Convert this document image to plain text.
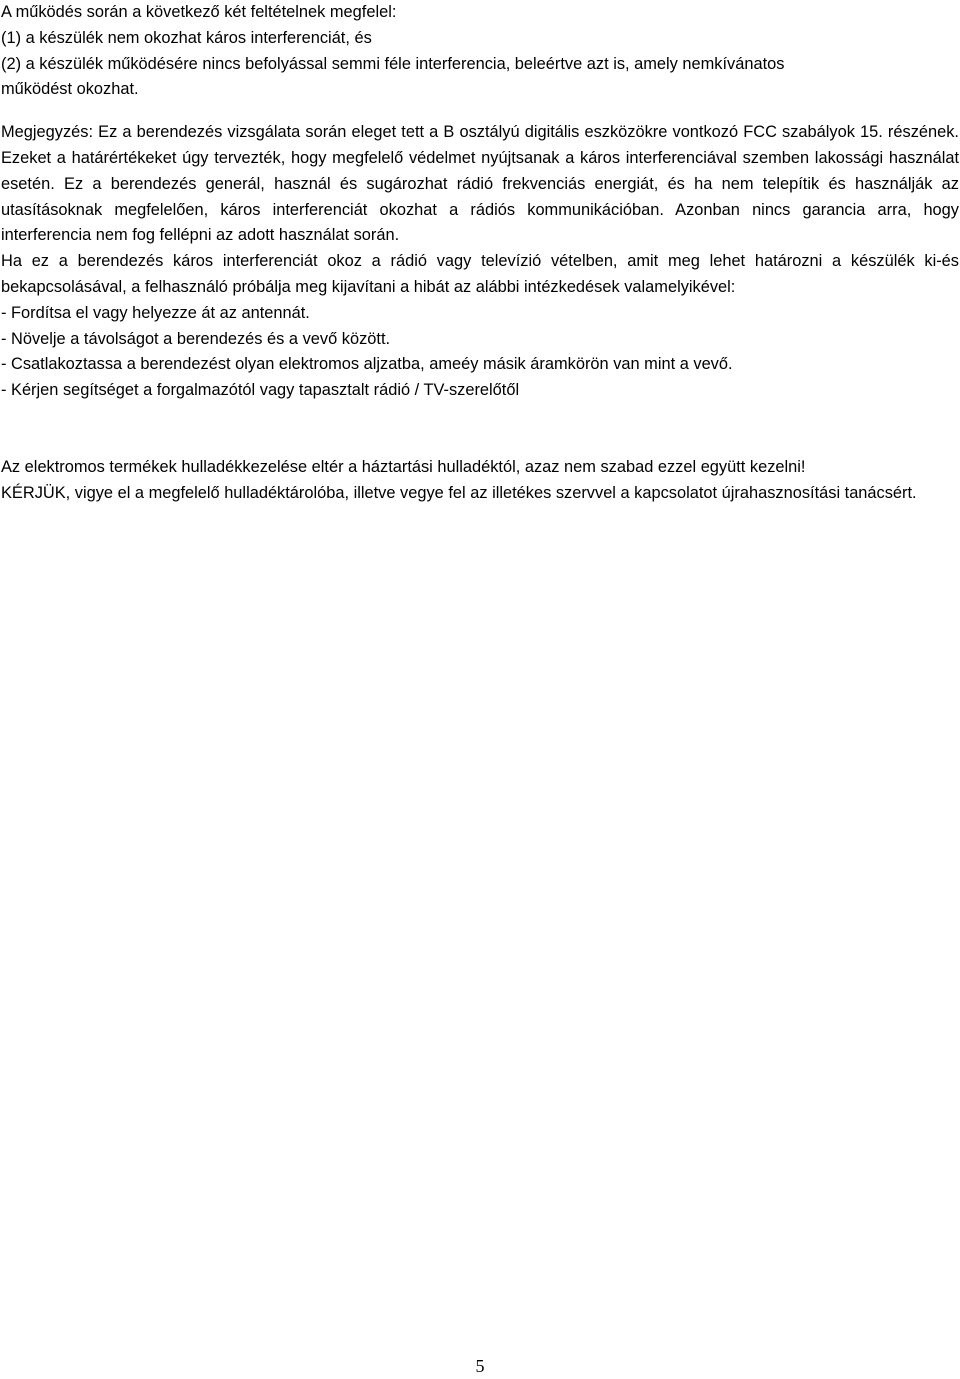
A működés során a következő két feltételnek megfelel:
(1) a készülék nem okozhat káros interferenciát, és
(2) a készülék működésére nincs befolyással semmi féle interferencia, beleértve azt is, amely nemkívánatos
működést okozhat.
Megjegyzés: Ez a berendezés vizsgálata során eleget tett a B osztályú digitális eszközökre vontkozó FCC szabályok 15. részének. Ezeket a határértékeket úgy tervezték, hogy megfelelő védelmet nyújtsanak a káros interferenciával szemben lakossági használat esetén. Ez a berendezés generál, használ és sugározhat rádió frekvenciás energiát, és ha nem telepítik és használják az utasításoknak megfelelően, káros interferenciát okozhat a rádiós kommunikációban. Azonban nincs garancia arra, hogy interferencia nem fog fellépni az adott használat során.
Ha ez a berendezés káros interferenciát okoz a rádió vagy televízió vételben, amit meg lehet határozni a készülék ki-és bekapcsolásával, a felhasználó próbálja meg kijavítani a hibát az alábbi intézkedések valamelyikével:
- Fordítsa el vagy helyezze át az antennát.
- Növelje a távolságot a berendezés és a vevő között.
- Csatlakoztassa a berendezést olyan elektromos aljzatba, ameéy másik áramkörön van mint a vevő.
- Kérjen segítséget a forgalmazótól vagy tapasztalt rádió / TV-szerelőtől
Az elektromos termékek hulladékkezelése eltér a háztartási hulladéktól, azaz nem szabad ezzel együtt kezelni!
KÉRJÜK, vigye el a megfelelő hulladéktárolóba, illetve vegye fel az illetékes szervvel a kapcsolatot újrahasznosítási tanácsért.
5
